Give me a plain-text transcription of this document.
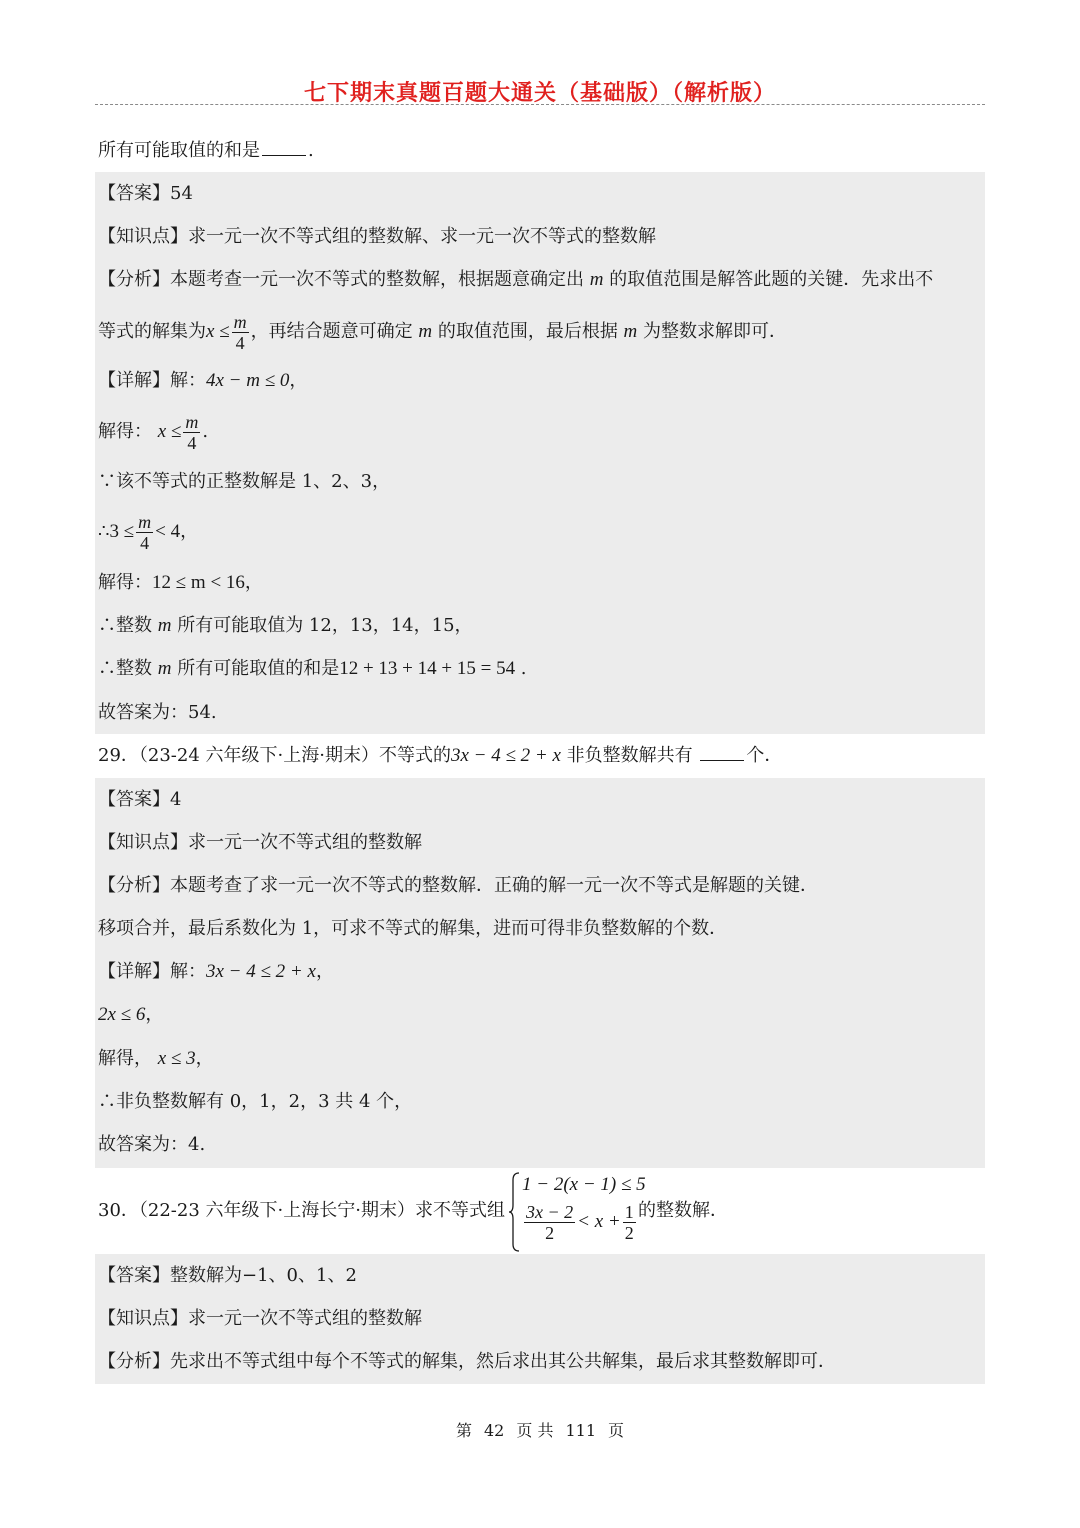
七下期末真题百题大通关（基础版）（解析版）
所有可能取值的和是	.
【答案】54
【知识点】求一元一次不等式组的整数解、求一元一次不等式的整数解
【分析】本题考查一元一次不等式的整数解，根据题意确定出 m 的取值范围是解答此题的关键．先求出不
等式的解集为$x \le \frac{m}{4}$ ，再结合题意可确定 m 的取值范围，最后根据 m 为整数求解即可．
【详解】解：4x − m ≤ 0，
解得： $x \le \frac{m}{4}$ .
∵该不等式的正整数解是 1、2、3，
∴3 ≤ $\frac{m}{4} < 4$，
解得：12 ≤ m < 16，
∴整数 m 所有可能取值为 12，13，14，15，
∴整数 m 所有可能取值的和是12 + 13 + 14 + 15 = 54 .
故答案为：54.
29．（23-24 六年级下·上海·期末）不等式的3x − 4 ≤ 2 + x 非负整数解共有	个．
【答案】4
【知识点】求一元一次不等式组的整数解
【分析】本题考查了求一元一次不等式的整数解．正确的解一元一次不等式是解题的关键．
移项合并，最后系数化为 1，可求不等式的解集，进而可得非负整数解的个数．
【详解】解：3x − 4 ≤ 2 + x，
2x ≤ 6，
解得， x ≤ 3，
∴非负整数解有 0，1，2，3 共 4 个，
故答案为：4.
30．（22-23 六年级下·上海长宁·期末）求不等式组
1 − 2(x − 1) ≤ 5
$\frac{3x - 2}{2} < x + \frac{1}{2}$ 的整数解．
【答案】整数解为−1、0、1、2
【知识点】求一元一次不等式组的整数解
【分析】先求出不等式组中每个不等式的解集，然后求出其公共解集，最后求其整数解即可．
第 42 页 共 111 页
